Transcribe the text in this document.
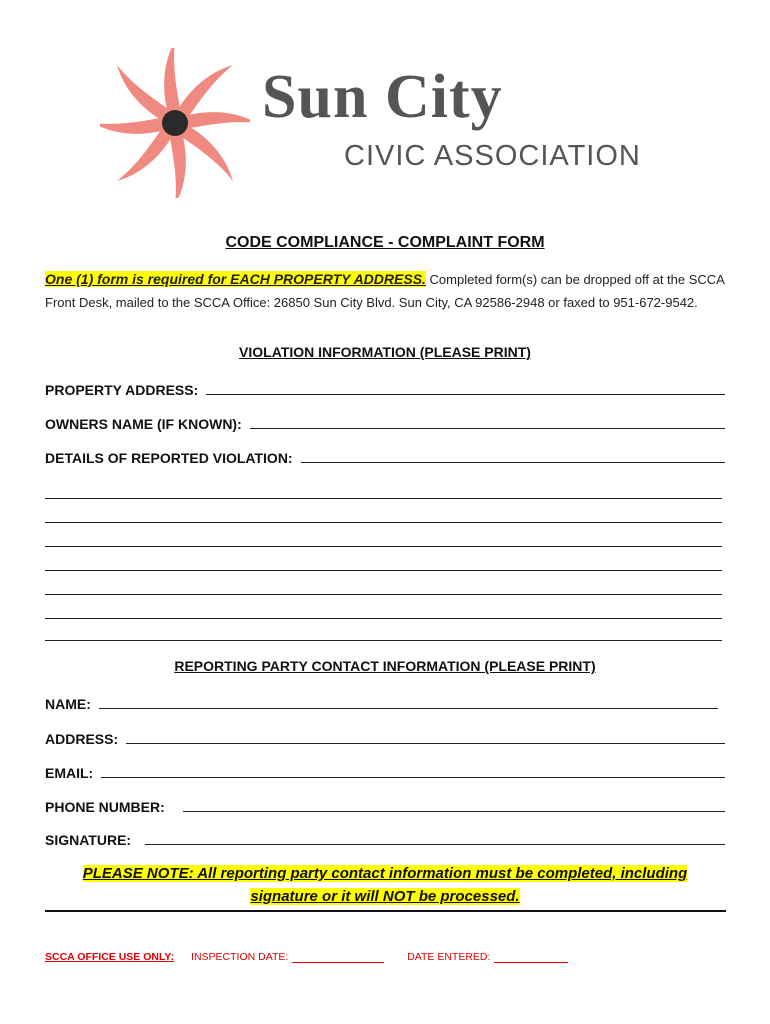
Sun City
CIVIC ASSOCIATION
CODE COMPLIANCE - COMPLAINT FORM
One (1) form is required for EACH PROPERTY ADDRESS. Completed form(s) can be dropped off at the SCCA Front Desk, mailed to the SCCA Office: 26850 Sun City Blvd. Sun City, CA 92586-2948 or faxed to 951-672-9542.
VIOLATION INFORMATION (PLEASE PRINT)
PROPERTY ADDRESS:
OWNERS NAME (IF KNOWN):
DETAILS OF REPORTED VIOLATION:
REPORTING PARTY CONTACT INFORMATION (PLEASE PRINT)
NAME:
ADDRESS:
EMAIL:
PHONE NUMBER:
SIGNATURE:
PLEASE NOTE: All reporting party contact information must be completed, including
signature or it will NOT be processed.
SCCA OFFICE USE ONLY: INSPECTION DATE:	DATE ENTERED:
